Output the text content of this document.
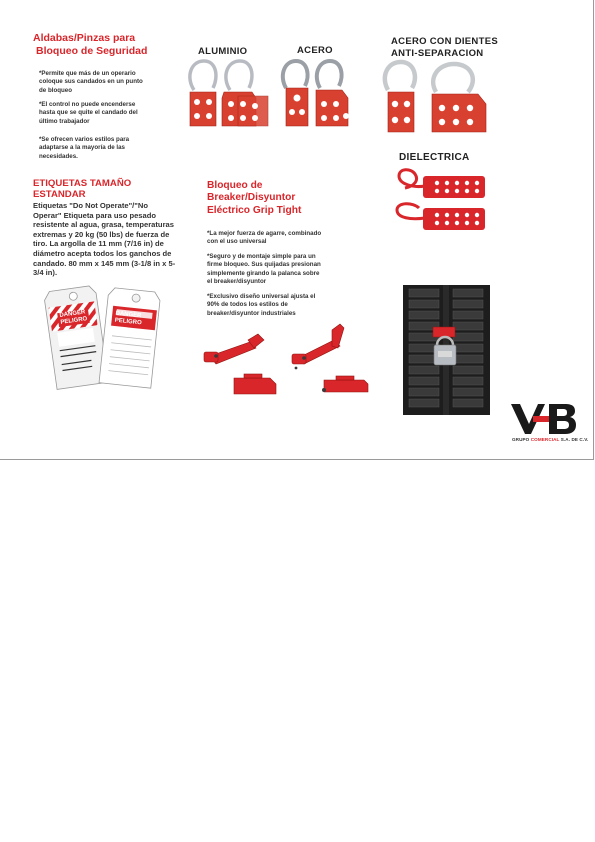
Aldabas/Pinzas para
Bloqueo de Seguridad
*Permite que más de un operario
coloque sus candados en un punto
de bloqueo
*El control no puede encenderse
hasta que se quite el candado del
último trabajador
*Se ofrecen varios estilos para
adaptarse a la mayoría de las
necesidades.
ALUMINIO	ACERO
ACERO CON DIENTES
ANTI-SEPARACION
DIELECTRICA
ETIQUETAS TAMAÑO
ESTANDAR
Etiquetas "Do Not Operate"/"No
Operar" Etiqueta para uso pesado
resistente al agua, grasa, temperaturas
extremas y 20 kg (50 lbs) de fuerza de
tiro. La argolla de 11 mm (7/16 in) de
diámetro acepta todos los ganchos de
candado. 80 mm x 145 mm (3-1/8 in x 5-
3/4 in).
DANGER
PELIGRO
DANGER
PELIGRO
Bloqueo de
Breaker/Disyuntor
Eléctrico Grip Tight
*La mejor fuerza de agarre, combinado
con el uso universal
*Seguro y de montaje simple para un
firme bloqueo. Sus quijadas presionan
simplemente girando la palanca sobre
el breaker/disyuntor
*Exclusivo diseño universal ajusta el
90% de todos los estilos de
breaker/disyuntor industriales
GRUPO COMERCIAL S.A. DE C.V.
